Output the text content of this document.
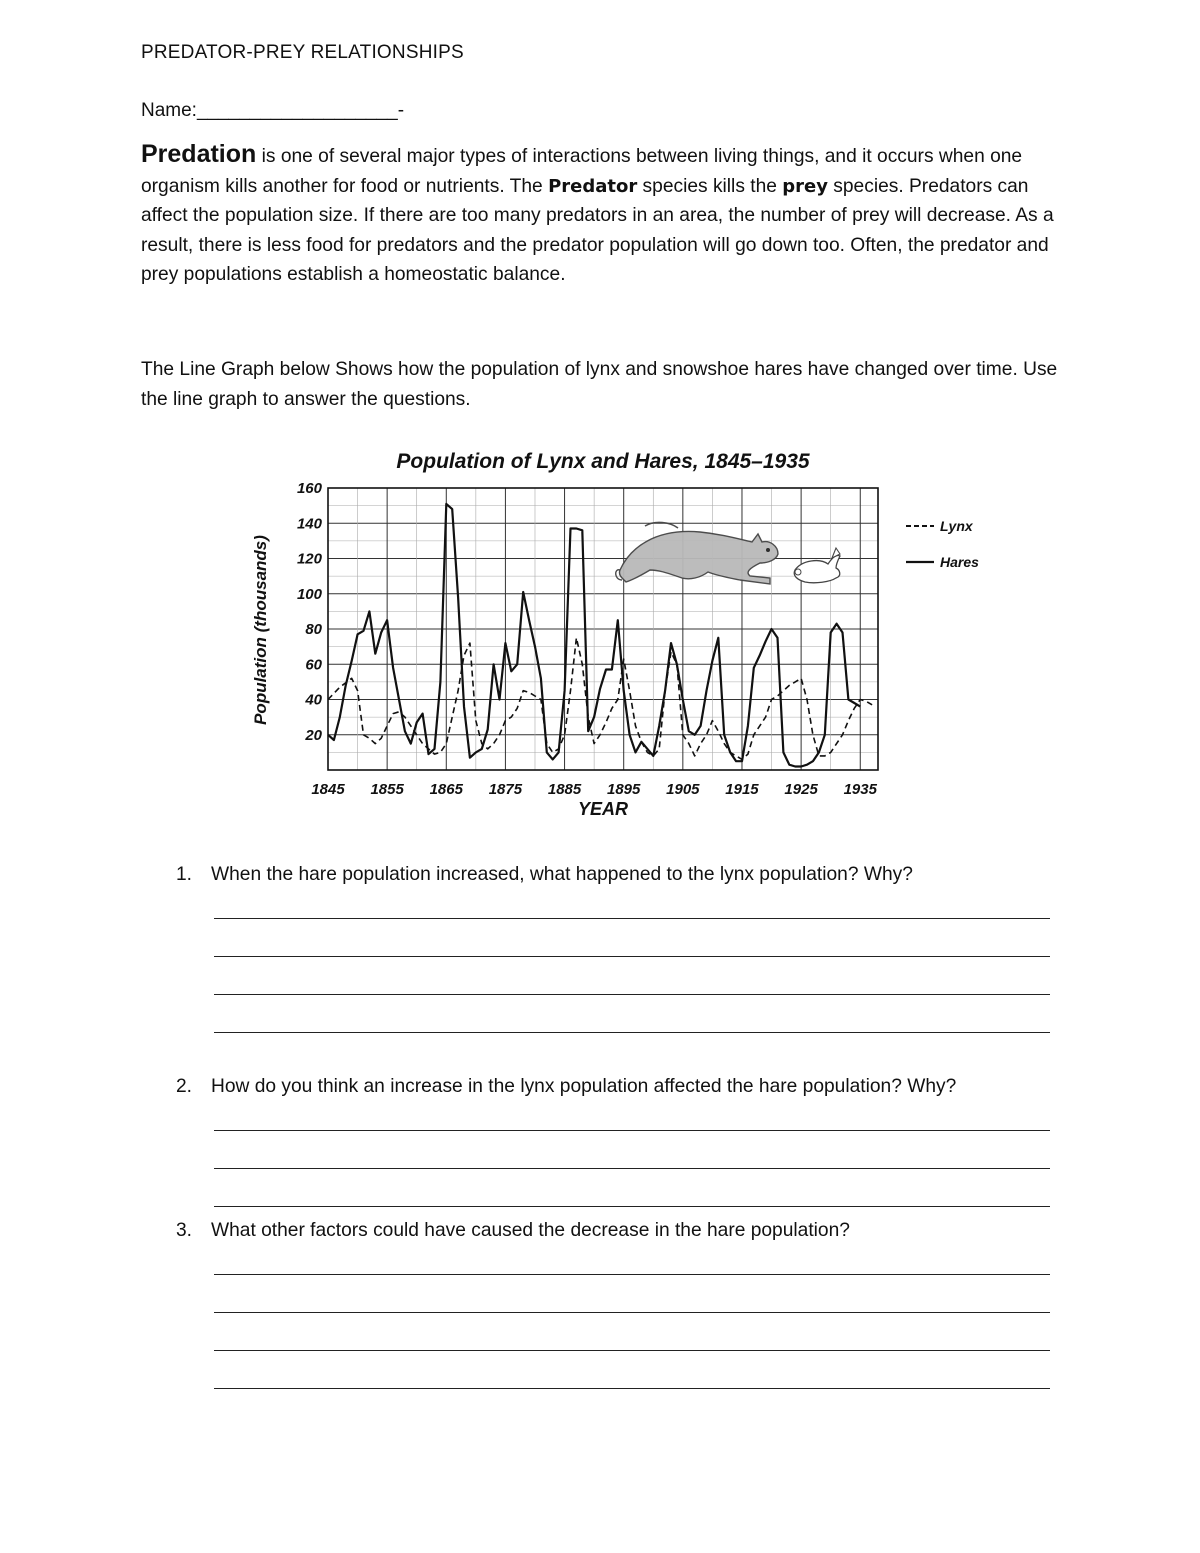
PREDATOR-PREY RELATIONSHIPS
Name:___________________-

Predation is one of several major types of interactions between living things, and it occurs when one organism kills another for food or nutrients. The Predator species kills the prey species. Predators can affect the population size. If there are too many predators in an area, the number of prey will decrease. As a result, there is less food for predators and the predator population will go down too. Often, the predator and prey populations establish a homeostatic balance.

The Line Graph below Shows how the population of lynx and snowshoe hares have changed over time. Use the line graph to answer the questions.

Population of Lynx and Hares, 1845–1935
20
40
60
80
100
120
140
160
1845 1855 1865 1875 1885 1895 1905 1915 1925 1935
Population (thousands)
YEAR
Lynx
Hares
1. When the hare population increased, what happened to the lynx population? Why?
2. How do you think an increase in the lynx population affected the hare population? Why?
3. What other factors could have caused the decrease in the hare population?
